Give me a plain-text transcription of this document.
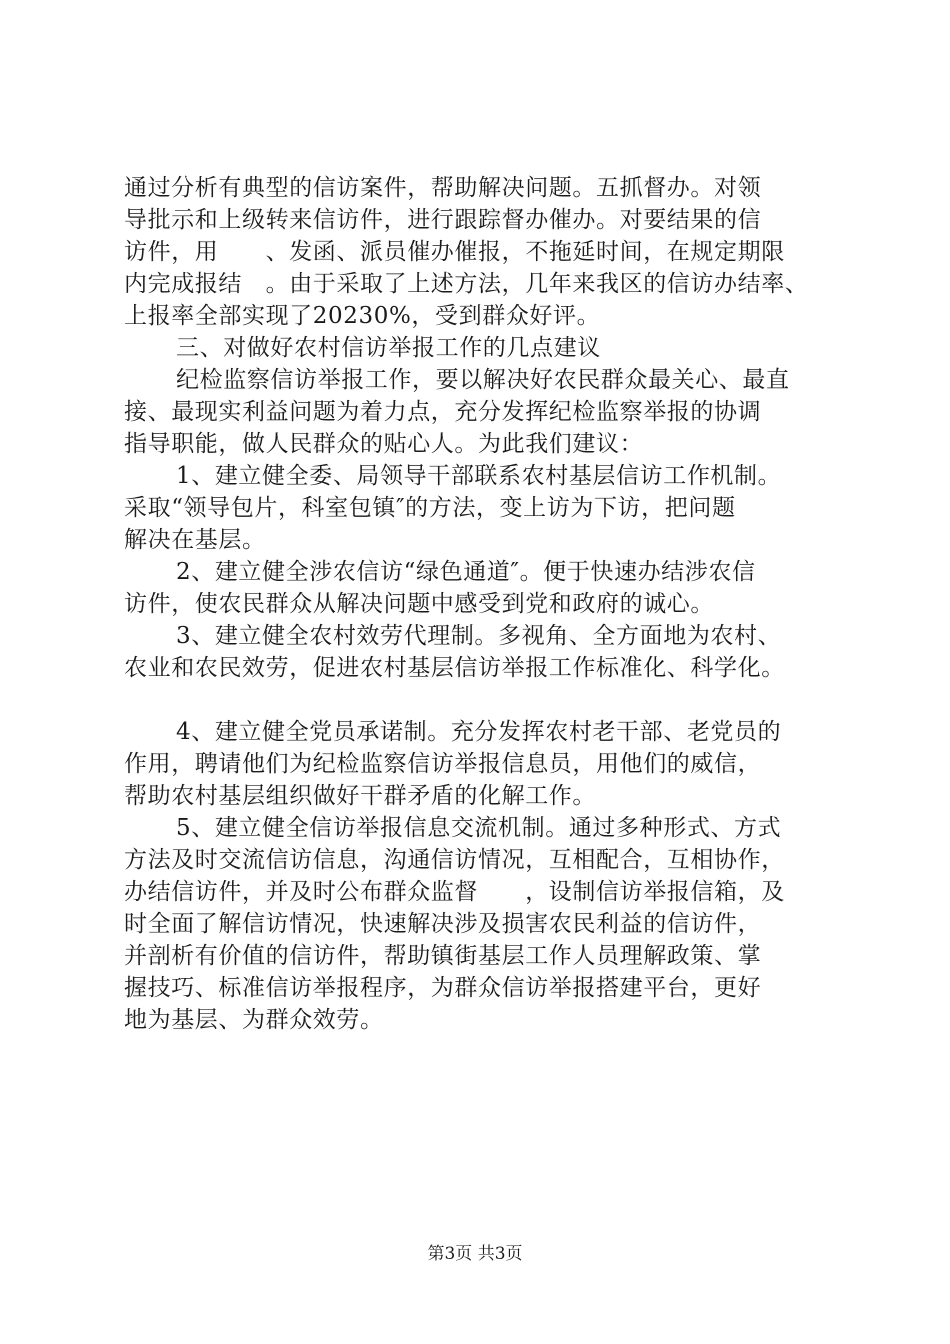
通过分析有典型的信访案件，帮助解决问题。五抓督办。对领
导批示和上级转来信访件，进行跟踪督办催办。对要结果的信
访件，用　　、发函、派员催办催报，不拖延时间，在规定期限
内完成报结　。由于采取了上述方法，几年来我区的信访办结率、
上报率全部实现了20230%，受到群众好评。
三、对做好农村信访举报工作的几点建议
纪检监察信访举报工作，要以解决好农民群众最关心、最直
接、最现实利益问题为着力点，充分发挥纪检监察举报的协调
指导职能，做人民群众的贴心人。为此我们建议：
1、建立健全委、局领导干部联系农村基层信访工作机制。
采取“领导包片，科室包镇″的方法，变上访为下访，把问题
解决在基层。
2、建立健全涉农信访“绿色通道″。便于快速办结涉农信
访件，使农民群众从解决问题中感受到党和政府的诚心。
3、建立健全农村效劳代理制。多视角、全方面地为农村、
农业和农民效劳，促进农村基层信访举报工作标准化、科学化。
4、建立健全党员承诺制。充分发挥农村老干部、老党员的
作用，聘请他们为纪检监察信访举报信息员，用他们的威信，
帮助农村基层组织做好干群矛盾的化解工作。
5、建立健全信访举报信息交流机制。通过多种形式、方式
方法及时交流信访信息，沟通信访情况，互相配合，互相协作，
办结信访件，并及时公布群众监督　　，设制信访举报信箱，及
时全面了解信访情况，快速解决涉及损害农民利益的信访件，
并剖析有价值的信访件，帮助镇街基层工作人员理解政策、掌
握技巧、标准信访举报程序，为群众信访举报搭建平台，更好
地为基层、为群众效劳。
第3页 共3页
